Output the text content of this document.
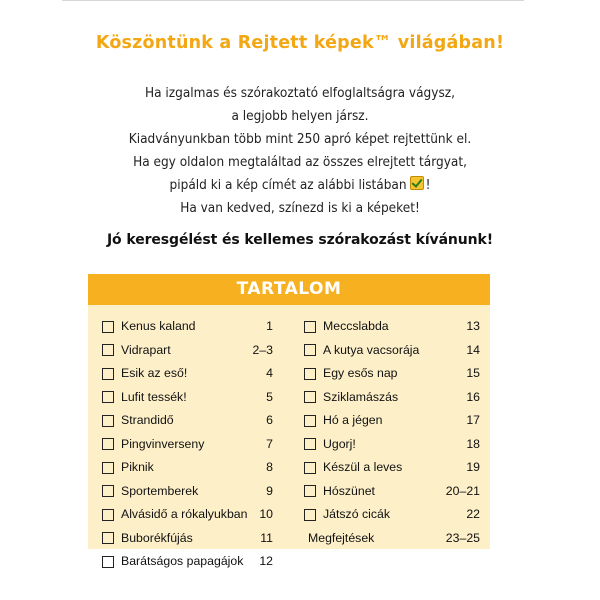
Köszöntünk a Rejtett képek™ világában!
Ha izgalmas és szórakoztató elfoglaltságra vágysz,
a legjobb helyen jársz.
Kiadványunkban több mint 250 apró képet rejtettünk el.
Ha egy oldalon megtaláltad az összes elrejtett tárgyat,
pipáld ki a kép címét az alábbi listában !
Ha van kedved, színezd is ki a képeket!
Jó keresgélést és kellemes szórakozást kívánunk!
TARTALOM
Kenus kaland	1
Vidrapart	2–3
Esik az eső!	4
Lufit tessék!	5
Strandidő	6
Pingvinverseny	7
Piknik	8
Sportemberek	9
Alvásidő a rókalyukban 10
Buborékfújás	11
Barátságos papagájok 12
Meccslabda	13
A kutya vacsorája	14
Egy esős nap	15
Sziklamászás	16
Hó a jégen	17
Ugorj!	18
Készül a leves	19
Hószünet	20–21
Játszó cicák	22
Megfejtések	23–25
